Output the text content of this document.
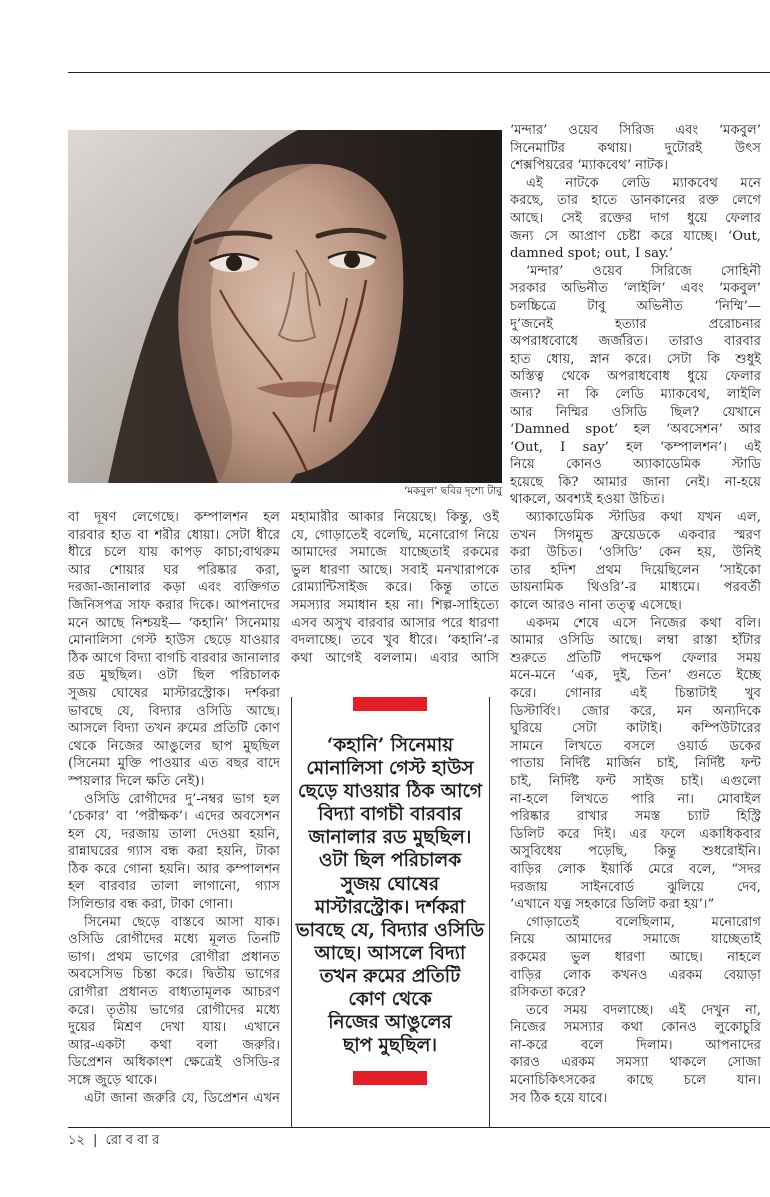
‘মকবুল’ ছবির দৃশ্যে টাবু
বা দূষণ লেগেছে। কম্পালশন হল
বারবার হাত বা শরীর ধোয়া। সেটা ধীরে
ধীরে চলে যায় কাপড় কাচা;বাথরুম
আর শোয়ার ঘর পরিষ্কার করা,
দরজা-জানালার কড়া এবং ব্যক্তিগত
জিনিসপত্র সাফ করার দিকে। আপনাদের
মনে আছে নিশ্চয়ই— ‘কহানি’ সিনেমায়
মোনালিসা গেস্ট হাউস ছেড়ে যাওয়ার
ঠিক আগে বিদ্যা বাগচি বারবার জানালার
রড মুছছিল। ওটা ছিল পরিচালক
সুজয় ঘোষের মাস্টারস্ট্রোক। দর্শকরা
ভাবছে যে, বিদ্যার ওসিডি আছে।
আসলে বিদ্যা তখন রুমের প্রতিটি কোণ
থেকে নিজের আঙুলের ছাপ মুছছিল
(সিনেমা মুক্তি পাওয়ার এত বছর বাদে
স্পয়লার দিলে ক্ষতি নেই)।
ওসিডি রোগীদের দু’-নম্বর ভাগ হল
‘চেকার’ বা ‘পরীক্ষক’। এদের অবসেশন
হল যে, দরজায় তালা দেওয়া হয়নি,
রান্নাঘরের গ্যাস বন্ধ করা হয়নি, টাকা
ঠিক করে গোনা হয়নি। আর কম্পালশন
হল বারবার তালা লাগানো, গ্যাস
সিলিন্ডার বন্ধ করা, টাকা গোনা।
সিনেমা ছেড়ে বাস্তবে আসা যাক।
ওসিডি রোগীদের মধ্যে মূলত তিনটি
ভাগ। প্রথম ভাগের রোগীরা প্রধানত
অবসেসিভ চিন্তা করে। দ্বিতীয় ভাগের
রোগীরা প্রধানত বাধ্যতামূলক আচরণ
করে। তৃতীয় ভাগের রোগীদের মধ্যে
দুয়ের মিশ্রণ দেখা যায়। এখানে
আর-একটা কথা বলা জরুরি।
ডিপ্রেশন অধিকাংশ ক্ষেত্রেই ওসিডি-র
সঙ্গে জুড়ে থাকে।
এটা জানা জরুরি যে, ডিপ্রেশন এখন
মহামারীর আকার নিয়েছে। কিন্তু, ওই
যে, গোড়াতেই বলেছি, মনোরোগ নিয়ে
আমাদের সমাজে যাচ্ছেতাই রকমের
ভুল ধারণা আছে। সবাই মনখারাপকে
রোম্যান্টিসাইজ করে। কিন্তু তাতে
সমস্যার সমাধান হয় না। শিল্প-সাহিত্যে
এসব অসুখ বারবার আসার পরে ধারণা
বদলাচ্ছে। তবে খুব ধীরে। ‘কহানি’-র
কথা আগেই বললাম। এবার আসি
‘মন্দার’ ওয়েব সিরিজ এবং ‘মকবুল’
সিনেমাটির কথায়। দুটোরই উৎস
শেক্সপিয়রের ‘ম্যাকবেথ’ নাটক।
এই নাটকে লেডি ম্যাকবেথ মনে
করছে, তার হাতে ডানকানের রক্ত লেগে
আছে। সেই রক্তের দাগ ধুয়ে ফেলার
জন্য সে আপ্রাণ চেষ্টা করে যাচ্ছে। ‘Out,
damned spot; out, I say.’
‘মন্দার’ ওয়েব সিরিজে সোহিনী
সরকার অভিনীত ‘লাইলি’ এবং ‘মকবুল’
চলচ্চিত্রে টাবু অভিনীত ‘নিম্মি’—
দু’জনেই হত্যার প্ররোচনার
অপরাধবোধে জর্জরিত। তারাও বারবার
হাত ধোয়, স্নান করে। সেটা কি শুধুই
অস্তিত্ব থেকে অপরাধবোধ ধুয়ে ফেলার
জন্য? না কি লেডি ম্যাকবেথ, লাইলি
আর নিম্মির ওসিডি ছিল? যেখানে
‘Damned spot’ হল ‘অবসেশন’ আর
‘Out, I say’ হল ‘কম্পালশন’। এই
নিয়ে কোনও অ্যাকাডেমিক স্টাডি
হয়েছে কি? আমার জানা নেই। না-হয়ে
থাকলে, অবশ্যই হওয়া উচিত।
অ্যাকাডেমিক স্টাডির কথা যখন এল,
তখন সিগমুন্ড ফ্রয়েডকে একবার স্মরণ
করা উচিত। ‘ওসিডি’ কেন হয়, উনিই
তার হদিশ প্রথম দিয়েছিলেন ‘সাইকো
ডায়নামিক থিওরি’-র মাধ্যমে। পরবর্তী
কালে আরও নানা তত্ত্ব এসেছে।
একদম শেষে এসে নিজের কথা বলি।
আমার ওসিডি আছে। লম্বা রাস্তা হাঁটার
শুরুতে প্রতিটি পদক্ষেপ ফেলার সময়
মনে-মনে ‘এক, দুই, তিন’ গুনতে ইচ্ছে
করে। গোনার এই চিন্তাটাই খুব
ডিস্টার্বিং। জোর করে, মন অন্যদিকে
ঘুরিয়ে সেটা কাটাই। কম্পিউটারের
সামনে লিখতে বসলে ওয়ার্ড ডকের
পাতায় নির্দিষ্ট মার্জিন চাই, নির্দিষ্ট ফন্ট
চাই, নির্দিষ্ট ফন্ট সাইজ চাই। এগুলো
না-হলে লিখতে পারি না। মোবাইল
পরিষ্কার রাখার সমস্ত চ্যাট হিস্ট্রি
ডিলিট করে দিই। এর ফলে একাধিকবার
অসুবিধেয় পড়েছি, কিন্তু শুধরোইনি।
বাড়ির লোক ইয়ার্কি মেরে বলে, “সদর
দরজায় সাইনবোর্ড ঝুলিয়ে দেব,
‘এখানে যত্ন সহকারে ডিলিট করা হয়’।”
গোড়াতেই বলেছিলাম, মনোরোগ
নিয়ে আমাদের সমাজে যাচ্ছেতাই
রকমের ভুল ধারণা আছে। নাহলে
বাড়ির লোক কখনও এরকম বেয়াড়া
রসিকতা করে?
তবে সময় বদলাচ্ছে। এই দেখুন না,
নিজের সমস্যার কথা কোনও লুকোচুরি
না-করে বলে দিলাম। আপনাদের
কারও এরকম সমস্যা থাকলে সোজা
মনোচিকিৎসকের কাছে চলে যান।
সব ঠিক হয়ে যাবে।
‘কহানি’ সিনেমায়
মোনালিসা গেস্ট হাউস
ছেড়ে যাওয়ার ঠিক আগে
বিদ্যা বাগচী বারবার
জানালার রড মুছছিল।
ওটা ছিল পরিচালক
সুজয় ঘোষের
মাস্টারস্ট্রোক। দর্শকরা
ভাবছে যে, বিদ্যার ওসিডি
আছে। আসলে বিদ্যা
তখন রুমের প্রতিটি
কোণ থেকে
নিজের আঙুলের
ছাপ মুছছিল।
১২ | রোববার
